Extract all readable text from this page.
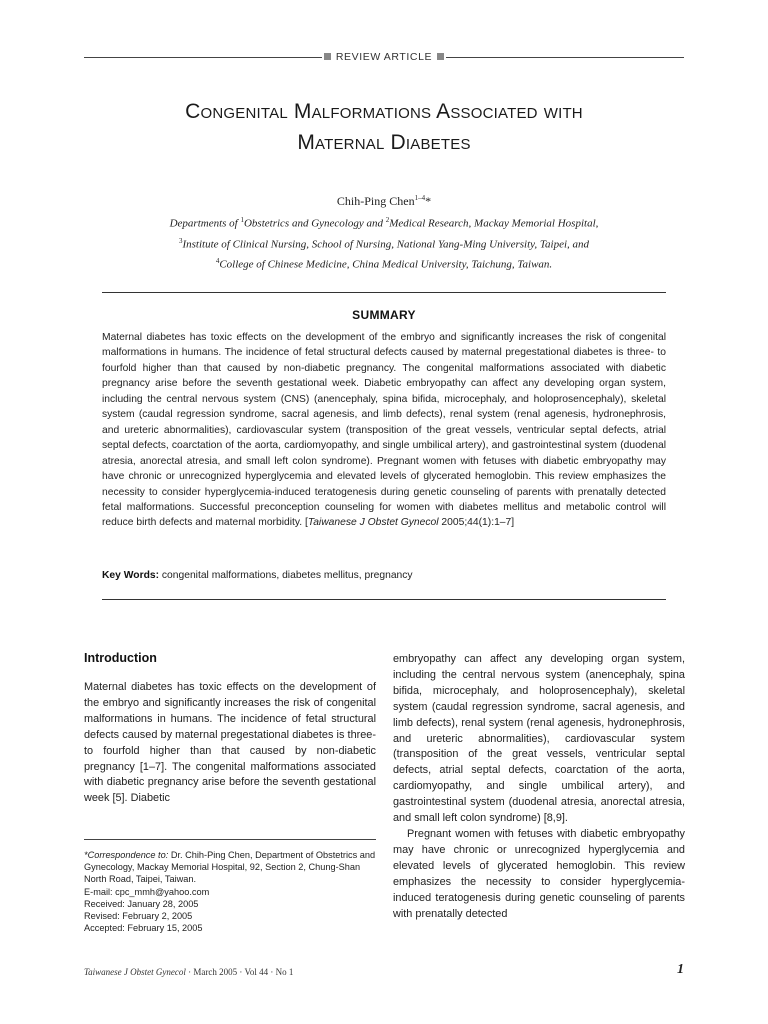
REVIEW ARTICLE
Congenital Malformations Associated with
Maternal Diabetes
Chih-Ping Chen$^{1-4}$*
Departments of $^1$Obstetrics and Gynecology and $^2$Medical Research, Mackay Memorial Hospital,
$^3$Institute of Clinical Nursing, School of Nursing, National Yang-Ming University, Taipei, and
$^4$College of Chinese Medicine, China Medical University, Taichung, Taiwan.
SUMMARY
Maternal diabetes has toxic effects on the development of the embryo and significantly increases the risk of congenital malformations in humans. The incidence of fetal structural defects caused by maternal pregestational diabetes is three- to fourfold higher than that caused by non-diabetic pregnancy. The congenital malformations associated with diabetic pregnancy arise before the seventh gestational week. Diabetic embryopathy can affect any developing organ system, including the central nervous system (CNS) (anencephaly, spina bifida, microcephaly, and holoprosencephaly), skeletal system (caudal regression syndrome, sacral agenesis, and limb defects), renal system (renal agenesis, hydronephrosis, and ureteric abnormalities), cardiovascular system (transposition of the great vessels, ventricular septal defects, atrial septal defects, coarctation of the aorta, cardiomyopathy, and single umbilical artery), and gastrointestinal system (duodenal atresia, anorectal atresia, and small left colon syndrome). Pregnant women with fetuses with diabetic embryopathy may have chronic or unrecognized hyperglycemia and elevated levels of glycerated hemoglobin. This review emphasizes the necessity to consider hyperglycemia-induced teratogenesis during genetic counseling of parents with prenatally detected fetal malformations. Successful preconception counseling for women with diabetes mellitus and metabolic control will reduce birth defects and maternal morbidity. [Taiwanese J Obstet Gynecol 2005;44(1):1–7]
Key Words: congenital malformations, diabetes mellitus, pregnancy
Introduction

Maternal diabetes has toxic effects on the development of the embryo and significantly increases the risk of congenital malformations in humans. The incidence of fetal structural defects caused by maternal pregestational diabetes is three- to fourfold higher than that caused by non-diabetic pregnancy [1–7]. The congenital malformations associated with diabetic pregnancy arise before the seventh gestational week [5]. Diabetic

embryopathy can affect any developing organ system, including the central nervous system (anencephaly, spina bifida, microcephaly, and holoprosencephaly), skeletal system (caudal regression syndrome, sacral agenesis, and limb defects), renal system (renal agenesis, hydronephrosis, and ureteric abnormalities), cardiovascular system (transposition of the great vessels, ventricular septal defects, atrial septal defects, coarctation of the aorta, cardiomyopathy, and single umbilical artery), and gastrointestinal system (duodenal atresia, anorectal atresia, and small left colon syndrome) [8,9].

Pregnant women with fetuses with diabetic embryopathy may have chronic or unrecognized hyperglycemia and elevated levels of glycerated hemoglobin. This review emphasizes the necessity to consider hyperglycemia-induced teratogenesis during genetic counseling of parents with prenatally detected

*Correspondence to: Dr. Chih-Ping Chen, Department of Obstetrics and Gynecology, Mackay Memorial Hospital, 92, Section 2, Chung-Shan North Road, Taipei, Taiwan.
E-mail: cpc_mmh@yahoo.com
Received: January 28, 2005
Revised: February 2, 2005
Accepted: February 15, 2005
Taiwanese J Obstet Gynecol · March 2005 · Vol 44 · No 1	1
